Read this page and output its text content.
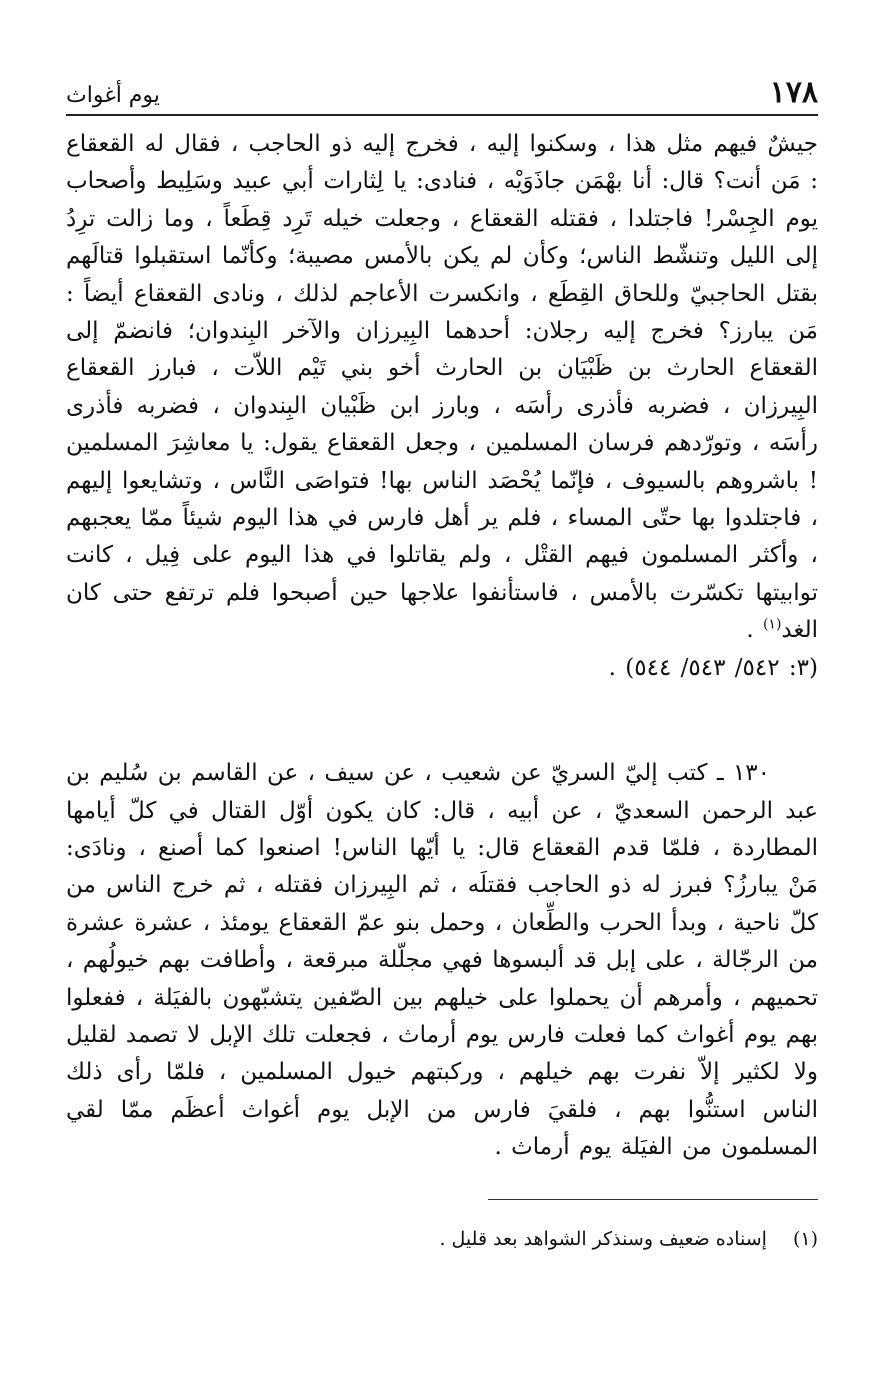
١٧٨
يوم أغواث

جيشٌ فيهم مثل هذا ، وسكنوا إليه ، فخرج إليه ذو الحاجب ، فقال له القعقاع : مَن أنت؟ قال: أنا بهْمَن جاذَوَيْه ، فنادى: يا لِثارات أبي عبيد وسَلِيط وأصحاب يوم الجِسْر! فاجتلدا ، فقتله القعقاع ، وجعلت خيله تَرِد قِطَعاً ، وما زالت ترِدُ إلى الليل وتنشّط الناس؛ وكأن لم يكن بالأمس مصيبة؛ وكأنّما استقبلوا قتالَهم بقتل الحاجبيّ وللحاق القِطَع ، وانكسرت الأعاجم لذلك ، ونادى القعقاع أيضاً : مَن يبارز؟ فخرج إليه رجلان: أحدهما البِيرزان والآخر البِندوان؛ فانضمّ إلى القعقاع الحارث بن ظَبْيَان بن الحارث أخو بني تَيْم اللاّت ، فبارز القعقاع البِيرزان ، فضربه فأذرى رأسَه ، وبارز ابن ظَبْيان البِندوان ، فضربه فأذرى رأسَه ، وتورّدهم فرسان المسلمين ، وجعل القعقاع يقول: يا معاشِرَ المسلمين ! باشروهم بالسيوف ، فإنّما يُحْصَد الناس بها! فتواصَى النَّاس ، وتشايعوا إليهم ، فاجتلدوا بها حتّى المساء ، فلم ير أهل فارس في هذا اليوم شيئاً ممّا يعجبهم ، وأكثر المسلمون فيهم القتْل ، ولم يقاتلوا في هذا اليوم على فِيل ، كانت توابيتها تكسّرت بالأمس ، فاستأنفوا علاجها حين أصبحوا فلم ترتفع حتى كان الغد$^{(١)}$ .
(٣: ٥٤٢/ ٥٤٣/ ٥٤٤) .

١٣٠ ـ كتب إليّ السريّ عن شعيب ، عن سيف ، عن القاسم بن سُليم بن عبد الرحمن السعديّ ، عن أبيه ، قال: كان يكون أوّل القتال في كلّ أيامها المطاردة ، فلمّا قدم القعقاع قال: يا أيّها الناس! اصنعوا كما أصنع ، ونادَى: مَنْ يبارزُ؟ فبرز له ذو الحاجب فقتلَه ، ثم البِيرزان فقتله ، ثم خرج الناس من كلّ ناحية ، وبدأ الحرب والطِّعان ، وحمل بنو عمّ القعقاع يومئذ ، عشرة عشرة من الرجّالة ، على إبل قد ألبسوها فهي مجلّلة مبرقعة ، وأطافت بهم خيولُهم ، تحميهم ، وأمرهم أن يحملوا على خيلهم بين الصّفين يتشبّهون بالفيَلة ، ففعلوا بهم يوم أغواث كما فعلت فارس يوم أرماث ، فجعلت تلك الإبل لا تصمد لقليل ولا لكثير إلاّ نفرت بهم خيلهم ، وركبتهم خيول المسلمين ، فلمّا رأى ذلك الناس استنُّوا بهم ، فلقيَ فارس من الإبل يوم أغواث أعظَم ممّا لقي المسلمون من الفيَلة يوم أرماث .

(١)
إسناده ضعيف وسنذكر الشواهد بعد قليل .
